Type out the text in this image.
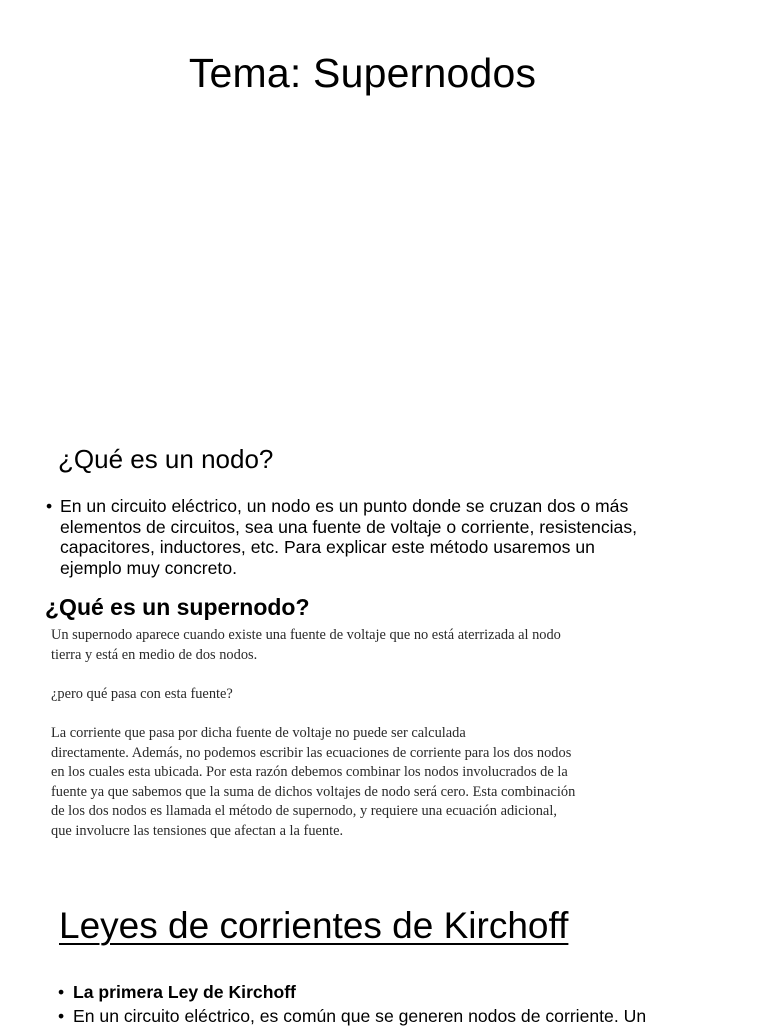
Tema: Supernodos
¿Qué es un nodo?
• En un circuito eléctrico, un nodo es un punto donde se cruzan dos o más
elementos de circuitos, sea una fuente de voltaje o corriente, resistencias,
capacitores, inductores, etc. Para explicar este método usaremos un
ejemplo muy concreto.
¿Qué es un supernodo?
Un supernodo aparece cuando existe una fuente de voltaje que no está aterrizada al nodo
tierra y está en medio de dos nodos.
¿pero qué pasa con esta fuente?
La corriente que pasa por dicha fuente de voltaje no puede ser calculada
directamente. Además, no podemos escribir las ecuaciones de corriente para los dos nodos
en los cuales esta ubicada. Por esta razón debemos combinar los nodos involucrados de la
fuente ya que sabemos que la suma de dichos voltajes de nodo será cero. Esta combinación
de los dos nodos es llamada el método de supernodo, y requiere una ecuación adicional,
que involucre las tensiones que afectan a la fuente.
Leyes de corrientes de Kirchoff
• La primera Ley de Kirchoff
• En un circuito eléctrico, es común que se generen nodos de corriente. Un
